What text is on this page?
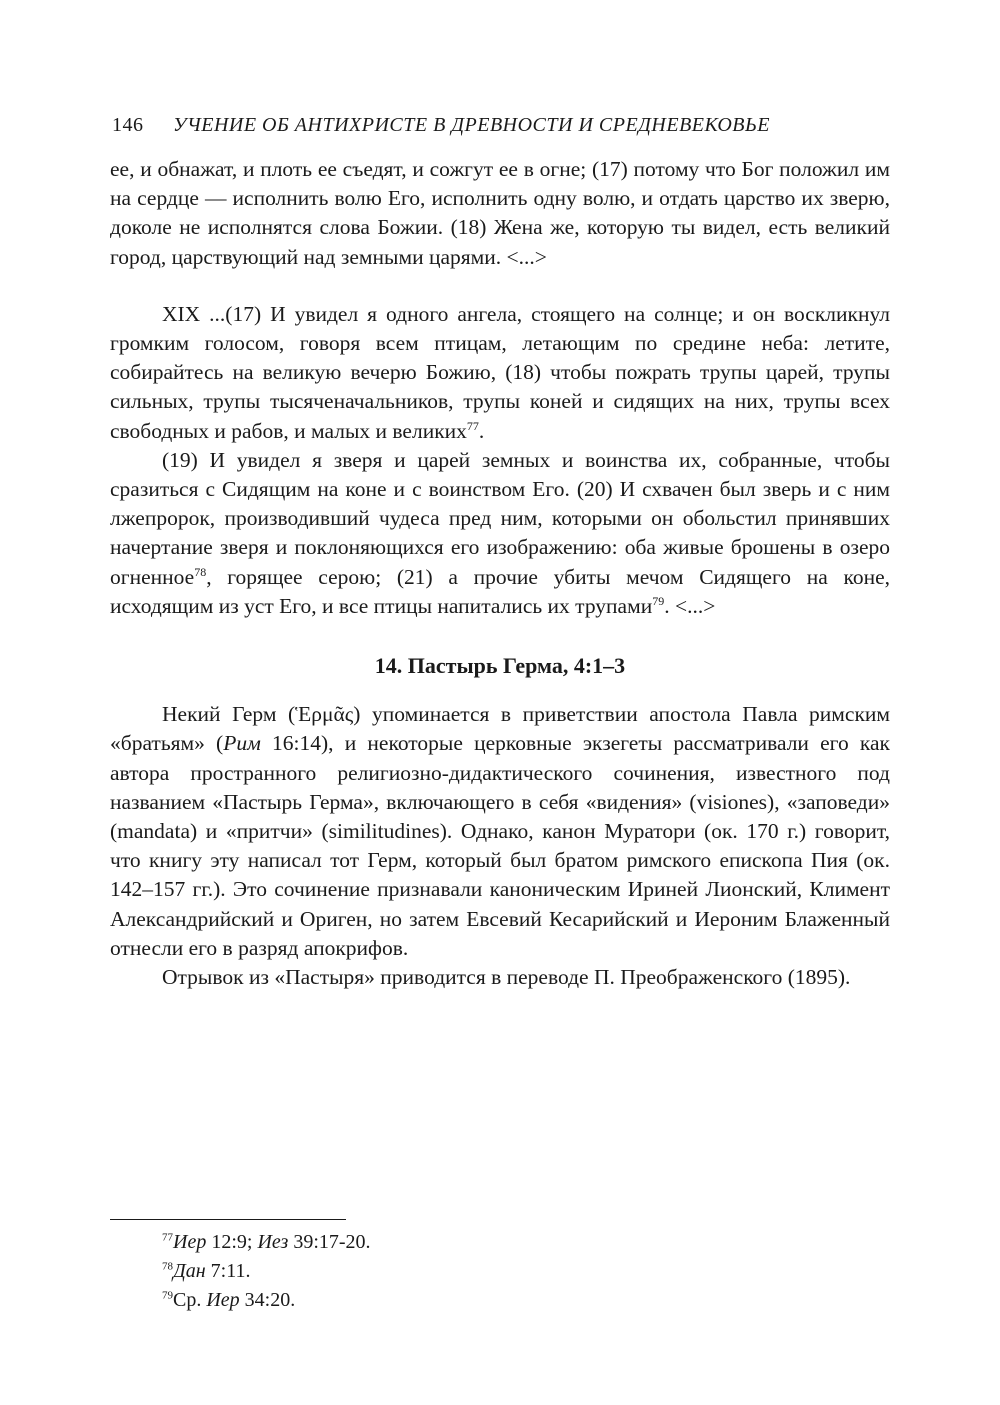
146 УЧЕНИЕ ОБ АНТИХРИСТЕ В ДРЕВНОСТИ И СРЕДНЕВЕКОВЬЕ

ее, и обнажат, и плоть ее съедят, и сожгут ее в огне; (17) потому что Бог положил им на сердце — исполнить волю Его, исполнить одну волю, и отдать царство их зверю, доколе не исполнятся слова Божии. (18) Жена же, которую ты видел, есть великий город, царствующий над земными царями. <...>

XIX ...(17) И увидел я одного ангела, стоящего на солнце; и он воскликнул громким голосом, говоря всем птицам, летающим по средине неба: летите, собирайтесь на великую вечерю Божию, (18) чтобы пожрать трупы царей, трупы сильных, трупы тысяченачальников, трупы коней и сидящих на них, трупы всех свободных и рабов, и малых и великих$^{77}$.

(19) И увидел я зверя и царей земных и воинства их, собранные, чтобы сразиться с Сидящим на коне и с воинством Его. (20) И схвачен был зверь и с ним лжепророк, производивший чудеса пред ним, которыми он обольстил принявших начертание зверя и поклоняющихся его изображению: оба живые брошены в озеро огненное$^{78}$, горящее серою; (21) а прочие убиты мечом Сидящего на коне, исходящим из уст Его, и все птицы напитались их трупами$^{79}$. <...>

14. Пастырь Герма, 4:1–3

Некий Герм (Ἑρμᾶς) упоминается в приветствии апостола Павла римским «братьям» (Рим 16:14), и некоторые церковные экзегеты рассматривали его как автора пространного религиозно-дидактического сочинения, известного под названием «Пастырь Герма», включающего в себя «видения» (visiones), «заповеди» (mandata) и «притчи» (similitudines). Однако, канон Муратори (ок. 170 г.) говорит, что книгу эту написал тот Герм, который был братом римского епископа Пия (ок. 142–157 гг.). Это сочинение признавали каноническим Ириней Лионский, Климент Александрийский и Ориген, но затем Евсевий Кесарийский и Иероним Блаженный отнесли его в разряд апокрифов.

Отрывок из «Пастыря» приводится в переводе П. Преображенского (1895).

$^{77}$Иер 12:9; Иез 39:17-20.

$^{78}$Дан 7:11.

$^{79}$Ср. Иер 34:20.
